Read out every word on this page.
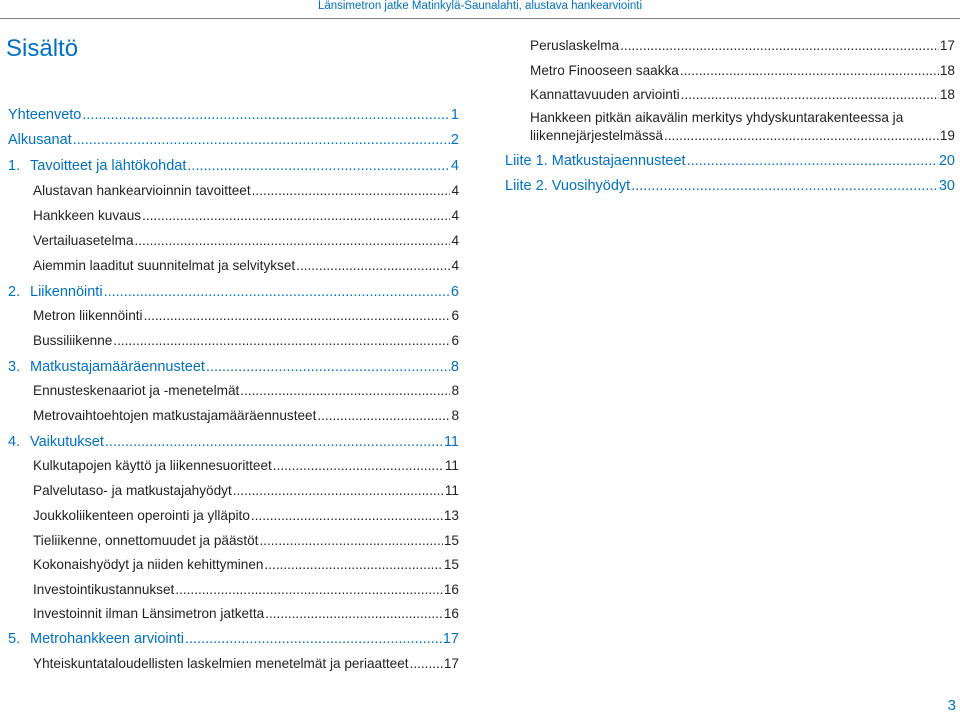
Länsimetron jatke Matinkylä-Saunalahti, alustava hankearviointi
Sisältö
Yhteenveto .....	1
Alkusanat .....	2
1. Tavoitteet ja lähtökohdat .....	4
Alustavan hankearvioinnin tavoitteet .....	4
Hankkeen kuvaus .....	4
Vertailuasetelma .....	4
Aiemmin laaditut suunnitelmat ja selvitykset .....	4
2. Liikennöinti .....	6
Metron liikennöinti .....	6
Bussiliikenne .....	6
3. Matkustajamääräennusteet .....	8
Ennusteskenaariot ja -menetelmät .....	8
Metrovaihtoehtojen matkustajamääräennusteet .....	8
4. Vaikutukset .....	11
Kulkutapojen käyttö ja liikennesuoritteet .....	11
Palvelutaso- ja matkustajahyödyt .....	11
Joukkoliikenteen operointi ja ylläpito .....	13
Tieliikenne, onnettomuudet ja päästöt .....	15
Kokonaishyödyt ja niiden kehittyminen .....	15
Investointikustannukset .....	16
Investoinnit ilman Länsimetron jatketta .....	16
5. Metrohankkeen arviointi .....	17
Yhteiskuntataloudellisten laskelmien menetelmät ja periaatteet .....	17
Peruslaskelma .....	17
Metro Finooseen saakka .....	18
Kannattavuuden arviointi .....	18
Hankkeen pitkän aikavälin merkitys yhdyskuntarakenteessa ja
liikennejärjestelmässä .....	19
Liite 1. Matkustajaennusteet .....	20
Liite 2. Vuosihyödyt .....	30
3
